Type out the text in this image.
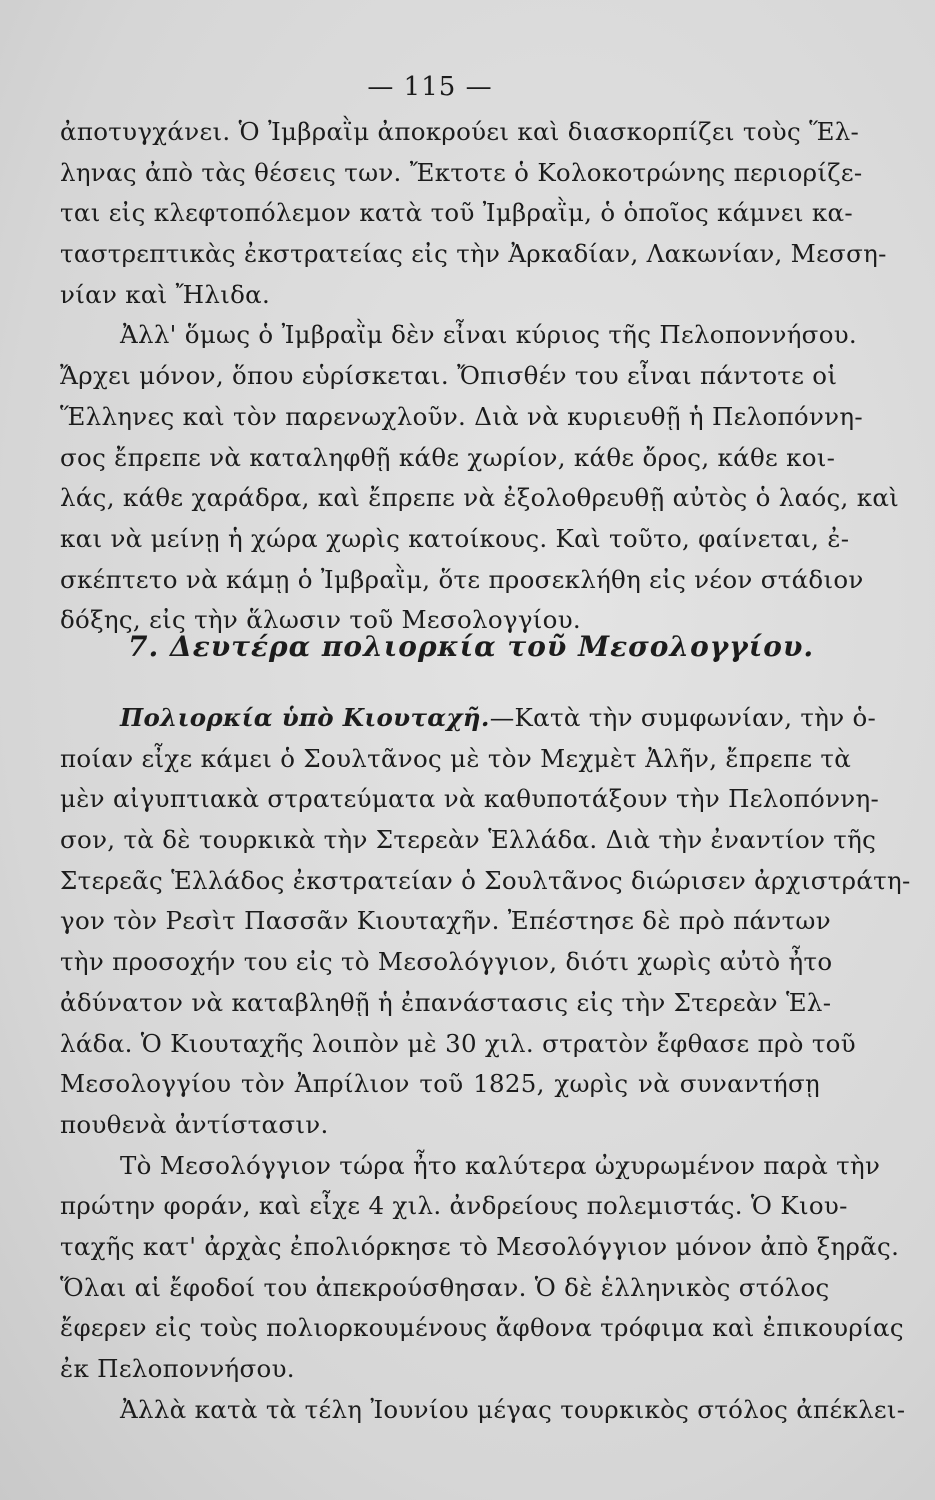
— 115 —
ἀποτυγχάνει. Ὁ Ἰμβραῒμ ἀποκρούει καὶ διασκορπίζει τοὺς Ἕλ-
ληνας ἀπὸ τὰς θέσεις των. Ἔκτοτε ὁ Κολοκοτρώνης περιορίζε-
ται εἰς κλεφτοπόλεμον κατὰ τοῦ Ἰμβραῒμ, ὁ ὁποῖος κάμνει κα-
ταστρεπτικὰς ἐκστρατείας εἰς τὴν Ἀρκαδίαν, Λακωνίαν, Μεσση-
νίαν καὶ Ἤλιδα.
Ἀλλ' ὅμως ὁ Ἰμβραῒμ δὲν εἶναι κύριος τῆς Πελοποννήσου.
Ἄρχει μόνον, ὅπου εὑρίσκεται. Ὄπισθέν του εἶναι πάντοτε οἱ
Ἕλληνες καὶ τὸν παρενωχλοῦν. Διὰ νὰ κυριευθῇ ἡ Πελοπόννη-
σος ἔπρεπε νὰ καταληφθῇ κάθε χωρίον, κάθε ὄρος, κάθε κοι-
λάς, κάθε χαράδρα, καὶ ἔπρεπε νὰ ἐξολοθρευθῇ αὐτὸς ὁ λαός, καὶ
και νὰ μείνῃ ἡ χώρα χωρὶς κατοίκους. Καὶ τοῦτο, φαίνεται, ἐ-
σκέπτετο νὰ κάμῃ ὁ Ἰμβραῒμ, ὅτε προσεκλήθη εἰς νέον στάδιον
δόξης, εἰς τὴν ἅλωσιν τοῦ Μεσολογγίου.
7. Δευτέρα πολιορκία τοῦ Μεσολογγίου.
Πολιορκία ὑπὸ Κιουταχῆ.—Κατὰ τὴν συμφωνίαν, τὴν ὁ-
ποίαν εἶχε κάμει ὁ Σουλτᾶνος μὲ τὸν Μεχμὲτ Ἀλῆν, ἔπρεπε τὰ
μὲν αἰγυπτιακὰ στρατεύματα νὰ καθυποτάξουν τὴν Πελοπόννη-
σον, τὰ δὲ τουρκικὰ τὴν Στερεὰν Ἑλλάδα. Διὰ τὴν ἐναντίον τῆς
Στερεᾶς Ἑλλάδος ἐκστρατείαν ὁ Σουλτᾶνος διώρισεν ἀρχιστράτη-
γον τὸν Ρεσὶτ Πασσᾶν Κιουταχῆν. Ἐπέστησε δὲ πρὸ πάντων
τὴν προσοχήν του εἰς τὸ Μεσολόγγιον, διότι χωρὶς αὐτὸ ἦτο
ἀδύνατον νὰ καταβληθῇ ἡ ἐπανάστασις εἰς τὴν Στερεὰν Ἑλ-
λάδα. Ὁ Κιουταχῆς λοιπὸν μὲ 30 χιλ. στρατὸν ἔφθασε πρὸ τοῦ
Μεσολογγίου τὸν Ἀπρίλιον τοῦ 1825, χωρὶς νὰ συναντήσῃ
πουθενὰ ἀντίστασιν.
Τὸ Μεσολόγγιον τώρα ἦτο καλύτερα ὠχυρωμένον παρὰ τὴν
πρώτην φοράν, καὶ εἶχε 4 χιλ. ἀνδρείους πολεμιστάς. Ὁ Κιου-
ταχῆς κατ' ἀρχὰς ἐπολιόρκησε τὸ Μεσολόγγιον μόνον ἀπὸ ξηρᾶς.
Ὅλαι αἱ ἔφοδοί του ἀπεκρούσθησαν. Ὁ δὲ ἑλληνικὸς στόλος
ἔφερεν εἰς τοὺς πολιορκουμένους ἄφθονα τρόφιμα καὶ ἐπικουρίας
ἐκ Πελοποννήσου.
Ἀλλὰ κατὰ τὰ τέλη Ἰουνίου μέγας τουρκικὸς στόλος ἀπέκλει-
